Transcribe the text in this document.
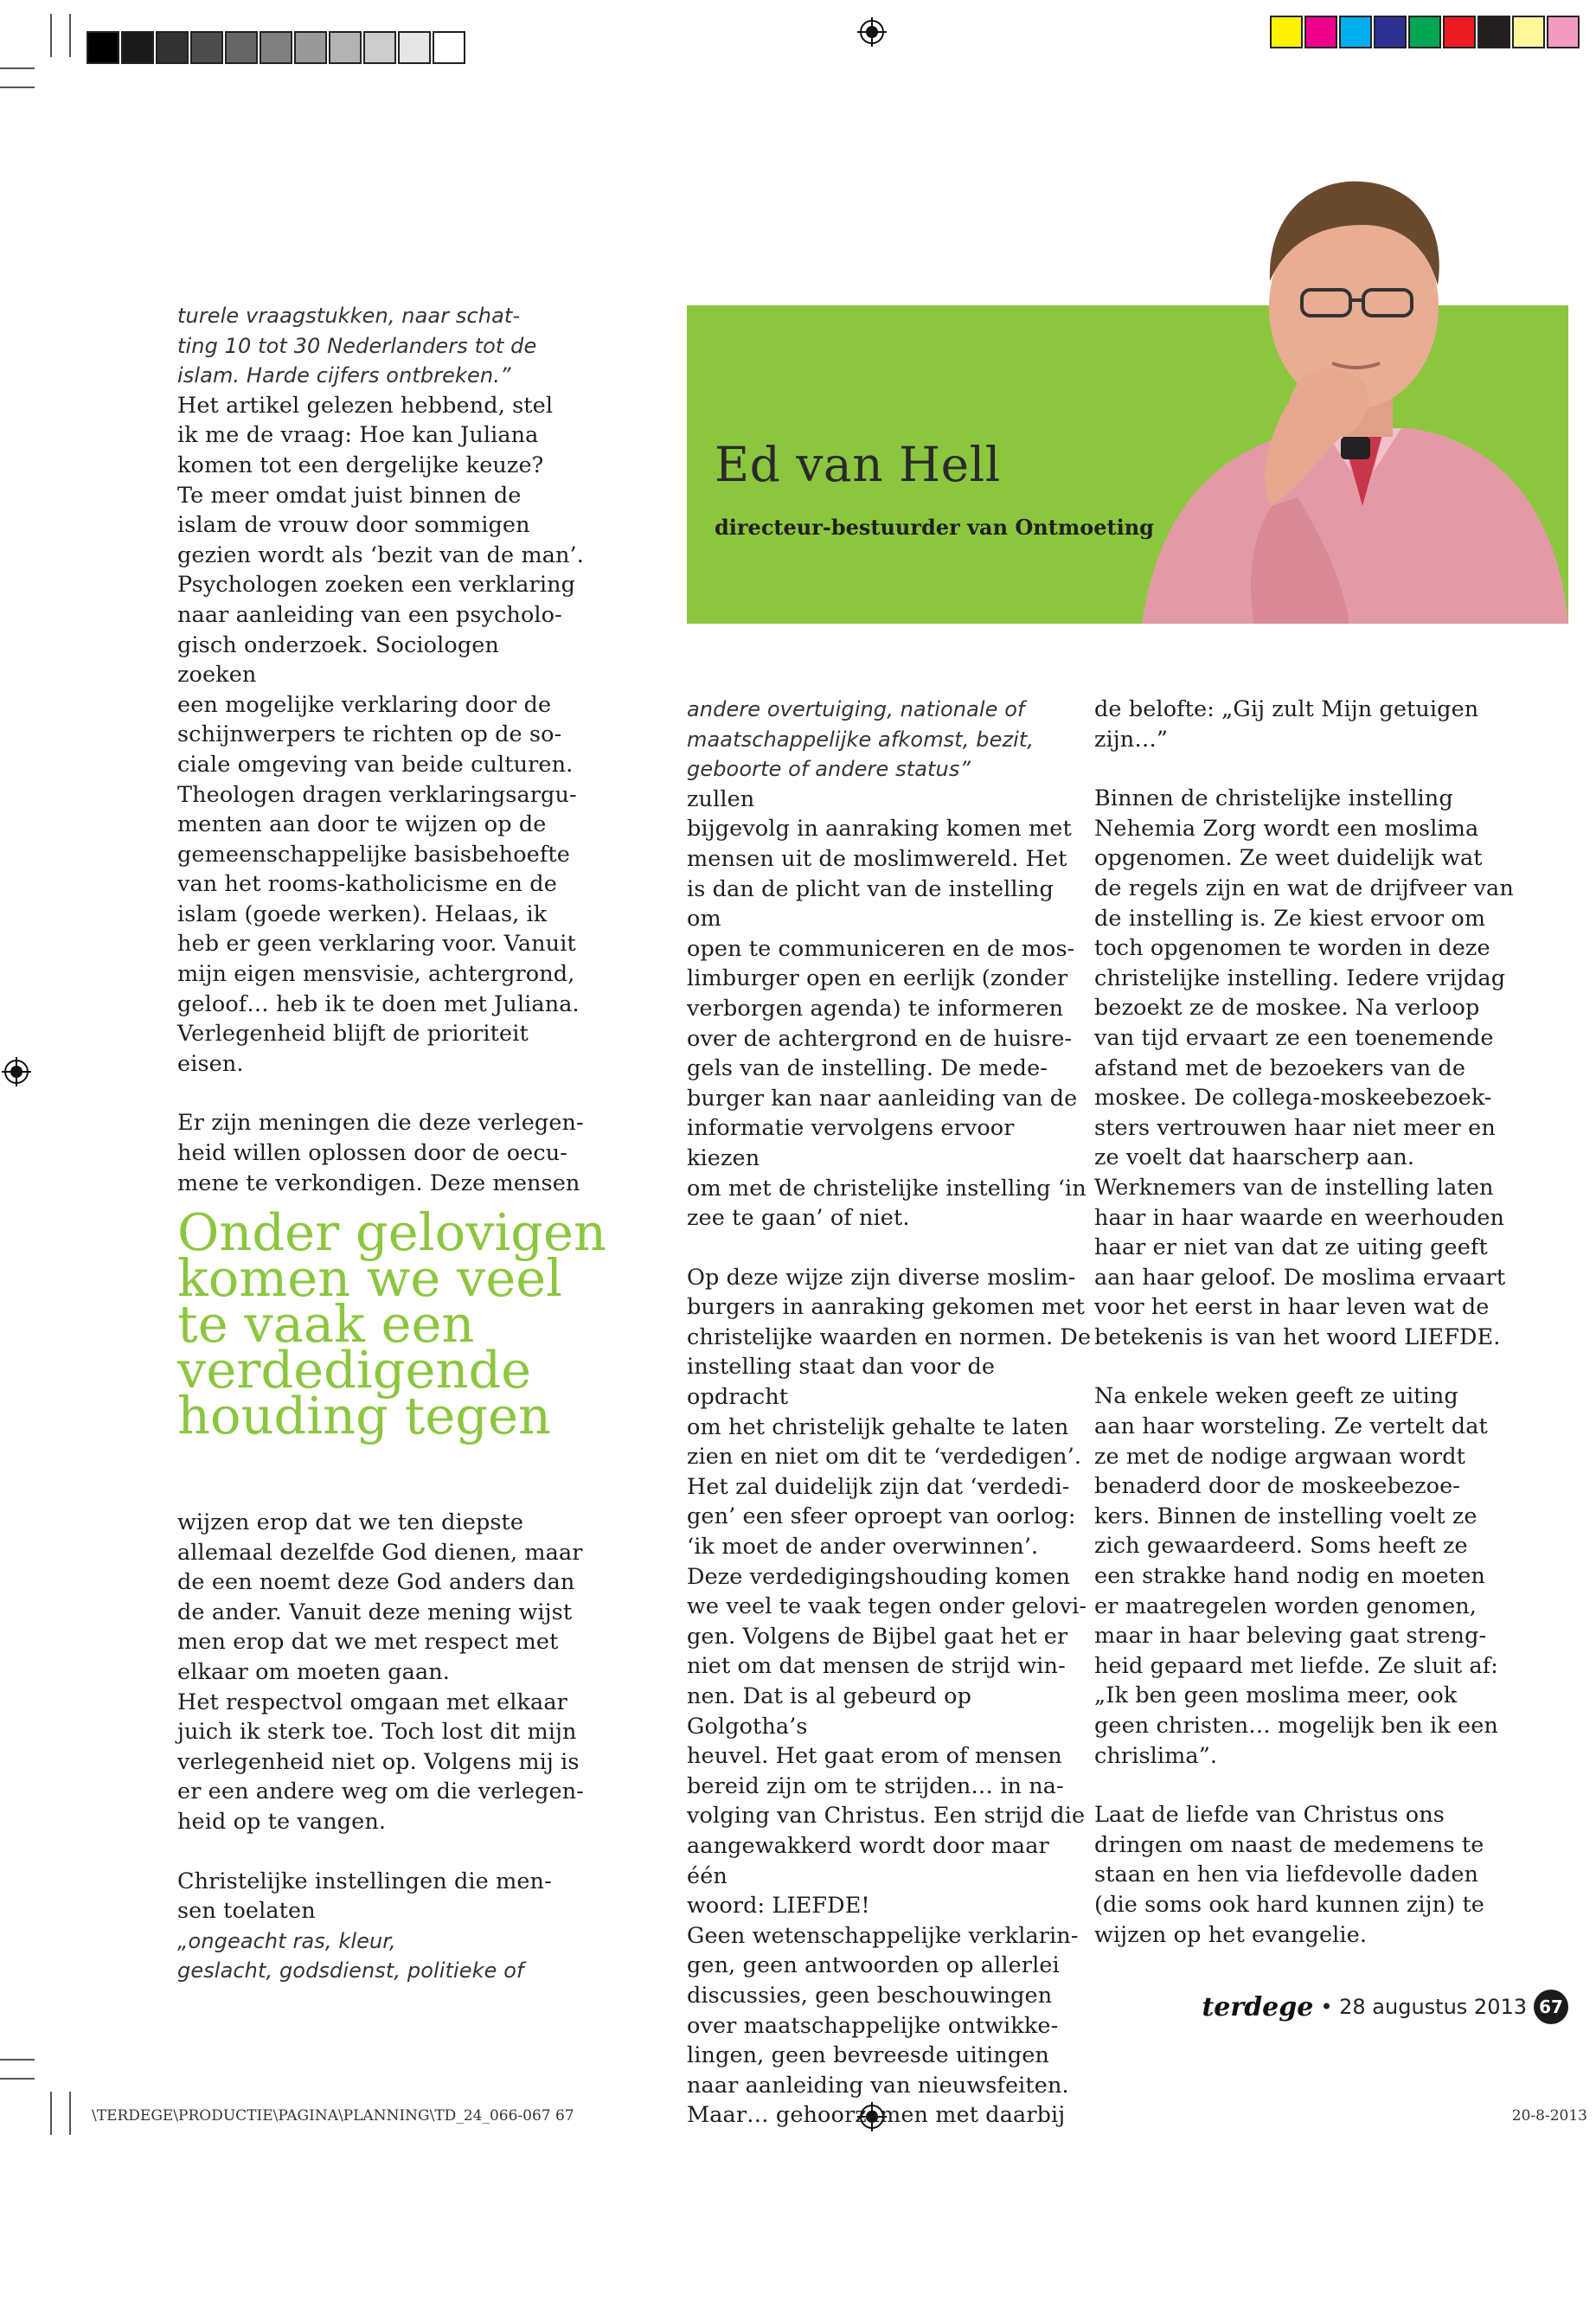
Ed van Hell
directeur-bestuurder van Ontmoeting

turele vraagstukken, naar schat-
ting 10 tot 30 Nederlanders tot de
islam. Harde cijfers ontbreken.”

Het artikel gelezen hebbend, stel
ik me de vraag: Hoe kan Juliana
komen tot een dergelijke keuze?
Te meer omdat juist binnen de
islam de vrouw door sommigen
gezien wordt als ‘bezit van de man’.
Psychologen zoeken een verklaring
naar aanleiding van een psycholo-
gisch onderzoek. Sociologen zoeken
een mogelijke verklaring door de
schijnwerpers te richten op de so-
ciale omgeving van beide culturen.
Theologen dragen verklaringsargu-
menten aan door te wijzen op de
gemeenschappelijke basisbehoefte
van het rooms-katholicisme en de
islam (goede werken). Helaas, ik
heb er geen verklaring voor. Vanuit
mijn eigen mensvisie, achtergrond,
geloof… heb ik te doen met Juliana.
Verlegenheid blijft de prioriteit
eisen.

Er zijn meningen die deze verlegen-
heid willen oplossen door de oecu-
mene te verkondigen. Deze mensen

Onder gelovigen
komen we veel
te vaak een
verdedigende
houding tegen

wijzen erop dat we ten diepste
allemaal dezelfde God dienen, maar
de een noemt deze God anders dan
de ander. Vanuit deze mening wijst
men erop dat we met respect met
elkaar om moeten gaan.
Het respectvol omgaan met elkaar
juich ik sterk toe. Toch lost dit mijn
verlegenheid niet op. Volgens mij is
er een andere weg om die verlegen-
heid op te vangen.

Christelijke instellingen die men-
sen toelaten

„ongeacht ras, kleur,
geslacht, godsdienst, politieke of

andere overtuiging, nationale of
maatschappelijke afkomst, bezit,
geboorte of andere status”

zullen
bijgevolg in aanraking komen met
mensen uit de moslimwereld. Het
is dan de plicht van de instelling om
open te communiceren en de mos-
limburger open en eerlijk (zonder
verborgen agenda) te informeren
over de achtergrond en de huisre-
gels van de instelling. De mede-
burger kan naar aanleiding van de
informatie vervolgens ervoor kiezen
om met de christelijke instelling ‘in
zee te gaan’ of niet.

Op deze wijze zijn diverse moslim-
burgers in aanraking gekomen met
christelijke waarden en normen. De
instelling staat dan voor de opdracht
om het christelijk gehalte te laten
zien en niet om dit te ‘verdedigen’.
Het zal duidelijk zijn dat ‘verdedi-
gen’ een sfeer oproept van oorlog:
‘ik moet de ander overwinnen’.
Deze verdedigingshouding komen
we veel te vaak tegen onder gelovi-
gen. Volgens de Bijbel gaat het er
niet om dat mensen de strijd win-
nen. Dat is al gebeurd op Golgotha’s
heuvel. Het gaat erom of mensen
bereid zijn om te strijden… in na-
volging van Christus. Een strijd die
aangewakkerd wordt door maar één
woord: LIEFDE!
Geen wetenschappelijke verklarin-
gen, geen antwoorden op allerlei
discussies, geen beschouwingen
over maatschappelijke ontwikke-
lingen, geen bevreesde uitingen
naar aanleiding van nieuwsfeiten.
Maar… gehoorzamen met daarbij

de belofte: „Gij zult Mijn getuigen
zijn…”

Binnen de christelijke instelling
Nehemia Zorg wordt een moslima
opgenomen. Ze weet duidelijk wat
de regels zijn en wat de drijfveer van
de instelling is. Ze kiest ervoor om
toch opgenomen te worden in deze
christelijke instelling. Iedere vrijdag
bezoekt ze de moskee. Na verloop
van tijd ervaart ze een toenemende
afstand met de bezoekers van de
moskee. De collega-moskeebezoek-
sters vertrouwen haar niet meer en
ze voelt dat haarscherp aan.
Werknemers van de instelling laten
haar in haar waarde en weerhouden
haar er niet van dat ze uiting geeft
aan haar geloof. De moslima ervaart
voor het eerst in haar leven wat de
betekenis is van het woord LIEFDE.

Na enkele weken geeft ze uiting
aan haar worsteling. Ze vertelt dat
ze met de nodige argwaan wordt
benaderd door de moskeebezoe-
kers. Binnen de instelling voelt ze
zich gewaardeerd. Soms heeft ze
een strakke hand nodig en moeten
er maatregelen worden genomen,
maar in haar beleving gaat streng-
heid gepaard met liefde. Ze sluit af:
„Ik ben geen moslima meer, ook
geen christen… mogelijk ben ik een
chrislima”.

Laat de liefde van Christus ons
dringen om naast de medemens te
staan en hen via liefdevolle daden
(die soms ook hard kunnen zijn) te
wijzen op het evangelie.

terdege • 28 augustus 2013 67
\TERDEGE\PRODUCTIE\PAGINA\PLANNING\TD_24_066-067 67	20-8-2013
